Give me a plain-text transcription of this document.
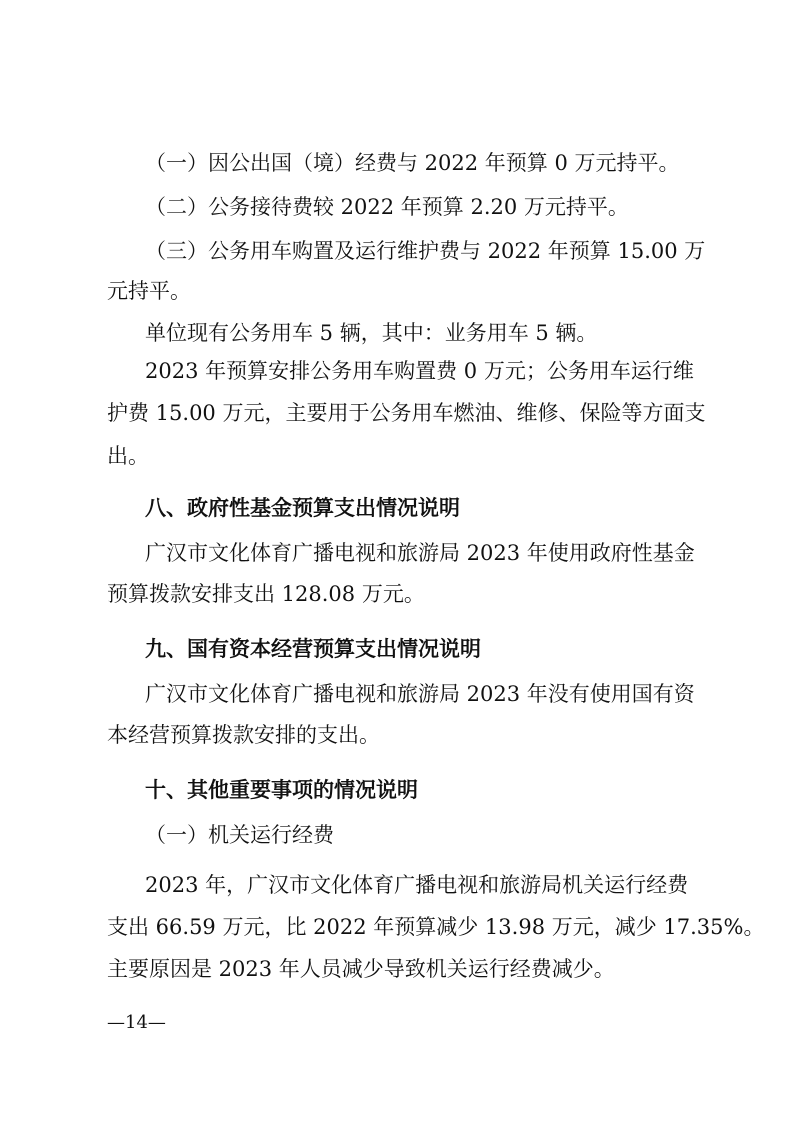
（一）因公出国（境）经费与 2022 年预算 0 万元持平。
（二）公务接待费较 2022 年预算 2.20 万元持平。
（三）公务用车购置及运行维护费与 2022 年预算 15.00 万
元持平。
单位现有公务用车 5 辆，其中：业务用车 5 辆。
2023 年预算安排公务用车购置费 0 万元；公务用车运行维
护费 15.00 万元，主要用于公务用车燃油、维修、保险等方面支
出。
八、政府性基金预算支出情况说明
广汉市文化体育广播电视和旅游局 2023 年使用政府性基金
预算拨款安排支出 128.08 万元。
九、国有资本经营预算支出情况说明
广汉市文化体育广播电视和旅游局 2023 年没有使用国有资
本经营预算拨款安排的支出。
十、其他重要事项的情况说明
（一）机关运行经费
2023 年，广汉市文化体育广播电视和旅游局机关运行经费
支出 66.59 万元，比 2022 年预算减少 13.98 万元，减少 17.35%。
主要原因是 2023 年人员减少导致机关运行经费减少。
—14—
